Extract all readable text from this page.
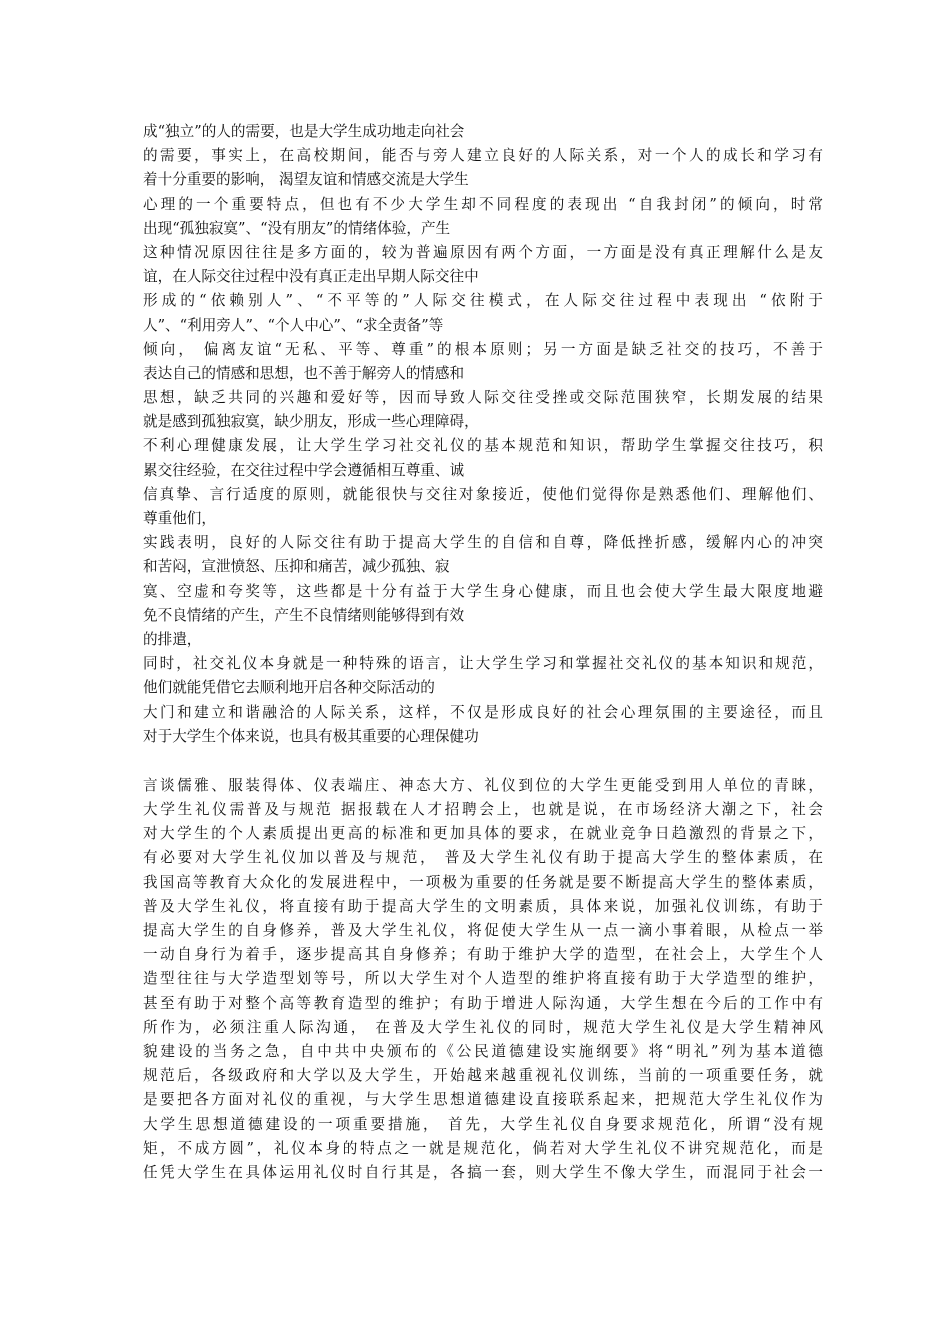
成“独立”的人的需要，也是大学生成功地走向社会
的需要，事实上，在高校期间，能否与旁人建立良好的人际关系，对一个人的成长和学习有
着十分重要的影响， 渴望友谊和情感交流是大学生
心理的一个重要特点，但也有不少大学生却不同程度的表现出 “自我封闭”的倾向，时常
出现“孤独寂寞”、“没有朋友”的情绪体验，产生
这种情况原因往往是多方面的，较为普遍原因有两个方面，一方面是没有真正理解什么是友
谊，在人际交往过程中没有真正走出早期人际交往中
形成的“依赖别人”、“不平等的”人际交往模式，在人际交往过程中表现出 “依附于
人”、“利用旁人”、“个人中心”、“求全责备”等
倾向， 偏离友谊“无私、平等、尊重”的根本原则；另一方面是缺乏社交的技巧，不善于
表达自己的情感和思想，也不善于解旁人的情感和
思想，缺乏共同的兴趣和爱好等，因而导致人际交往受挫或交际范围狭窄，长期发展的结果
就是感到孤独寂寞，缺少朋友，形成一些心理障碍，
不利心理健康发展，让大学生学习社交礼仪的基本规范和知识，帮助学生掌握交往技巧，积
累交往经验，在交往过程中学会遵循相互尊重、诚
信真挚、言行适度的原则，就能很快与交往对象接近，使他们觉得你是熟悉他们、理解他们、
尊重他们，
实践表明，良好的人际交往有助于提高大学生的自信和自尊，降低挫折感，缓解内心的冲突
和苦闷，宣泄愤怒、压抑和痛苦，减少孤独、寂
寞、空虚和夸奖等，这些都是十分有益于大学生身心健康，而且也会使大学生最大限度地避
免不良情绪的产生，产生不良情绪则能够得到有效
的排遣，
同时，社交礼仪本身就是一种特殊的语言，让大学生学习和掌握社交礼仪的基本知识和规范，
他们就能凭借它去顺利地开启各种交际活动的
大门和建立和谐融洽的人际关系，这样，不仅是形成良好的社会心理氛围的主要途径，而且
对于大学生个体来说，也具有极其重要的心理保健功
言谈儒雅、服装得体、仪表端庄、神态大方、礼仪到位的大学生更能受到用人单位的青睐，
大学生礼仪需普及与规范 据报载在人才招聘会上，也就是说，在市场经济大潮之下，社会
对大学生的个人素质提出更高的标准和更加具体的要求，在就业竞争日趋激烈的背景之下，
有必要对大学生礼仪加以普及与规范， 普及大学生礼仪有助于提高大学生的整体素质，在
我国高等教育大众化的发展进程中，一项极为重要的任务就是要不断提高大学生的整体素质，
普及大学生礼仪，将直接有助于提高大学生的文明素质，具体来说，加强礼仪训练，有助于
提高大学生的自身修养，普及大学生礼仪，将促使大学生从一点一滴小事着眼，从检点一举
一动自身行为着手，逐步提高其自身修养；有助于维护大学的造型，在社会上，大学生个人
造型往往与大学造型划等号，所以大学生对个人造型的维护将直接有助于大学造型的维护，
甚至有助于对整个高等教育造型的维护；有助于增进人际沟通，大学生想在今后的工作中有
所作为，必须注重人际沟通， 在普及大学生礼仪的同时，规范大学生礼仪是大学生精神风
貌建设的当务之急，自中共中央颁布的《公民道德建设实施纲要》将“明礼”列为基本道德
规范后，各级政府和大学以及大学生，开始越来越重视礼仪训练，当前的一项重要任务，就
是要把各方面对礼仪的重视，与大学生思想道德建设直接联系起来，把规范大学生礼仪作为
大学生思想道德建设的一项重要措施， 首先，大学生礼仪自身要求规范化，所谓“没有规
矩，不成方圆”，礼仪本身的特点之一就是规范化，倘若对大学生礼仪不讲究规范化，而是
任凭大学生在具体运用礼仪时自行其是，各搞一套，则大学生不像大学生，而混同于社会一
